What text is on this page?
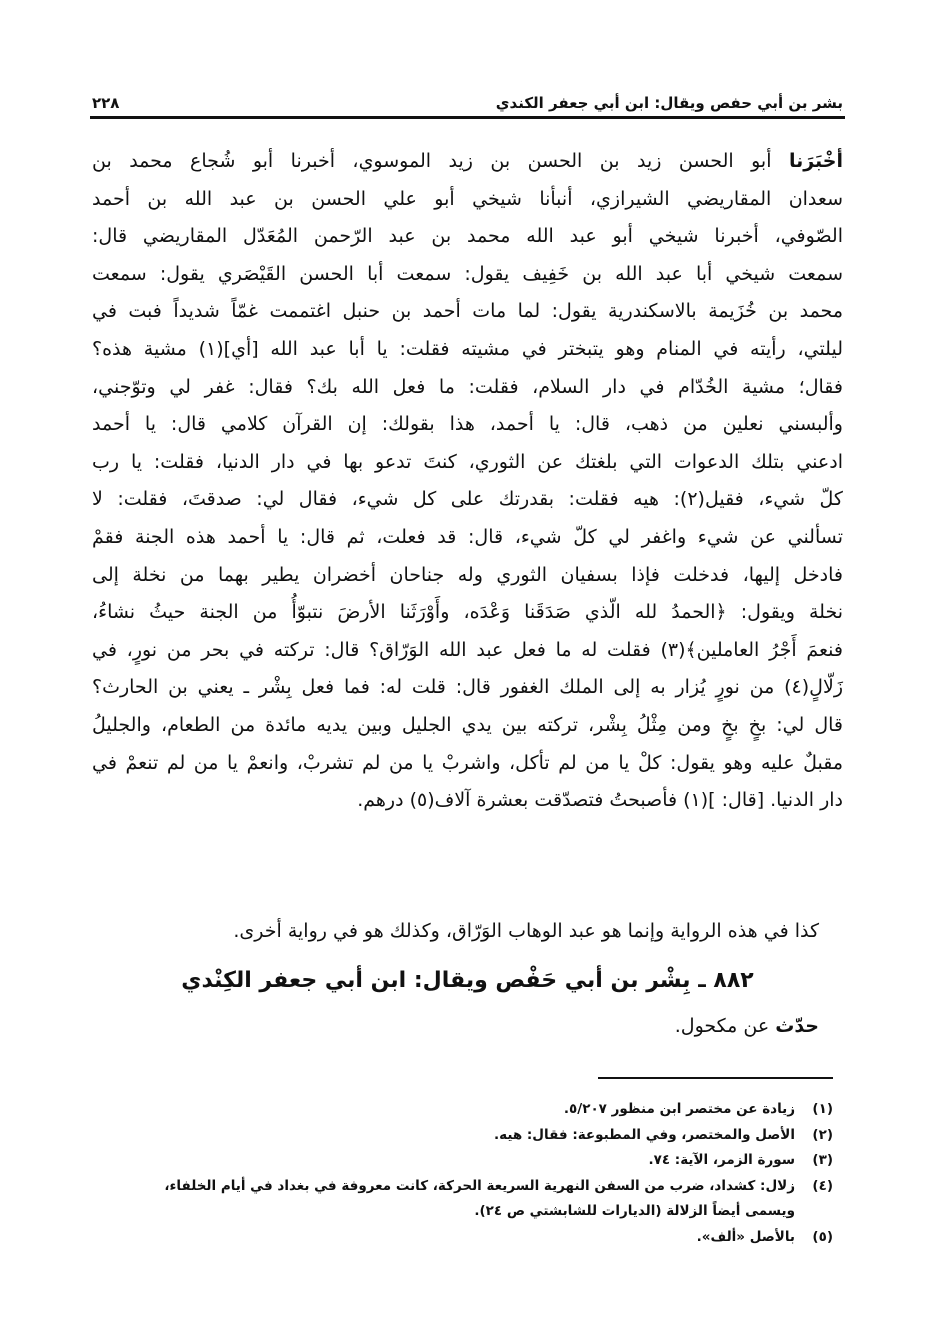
بشر بن أبي حفص ويقال: ابن أبي جعفر الكندي
٢٢٨
أخْبَرَنا أبو الحسن زيد بن الحسن بن زيد الموسوي، أخبرنا أبو شُجاع محمد بن
سعدان المقاريضي الشيرازي، أنبأنا شيخي أبو علي الحسن بن عبد الله بن أحمد
الصّوفي، أخبرنا شيخي أبو عبد الله محمد بن عبد الرّحمن المُعَدّل المقاريضي قال:
سمعت شيخي أبا عبد الله بن خَفِيف يقول: سمعت أبا الحسن القَيْصَري يقول: سمعت
محمد بن خُزَيمة بالاسكندرية يقول: لما مات أحمد بن حنبل اغتممت غمّاً شديداً فبت في
ليلتي، رأيته في المنام وهو يتبختر في مشيته فقلت: يا أبا عبد الله [أي](١) مشية هذه؟
فقال؛ مشية الخُدّام في دار السلام، فقلت: ما فعل الله بك؟ فقال: غفر لي وتوّجني،
وألبسني نعلين من ذهب، قال: يا أحمد، هذا بقولك: إن القرآن كلامي قال: يا أحمد
ادعني بتلك الدعوات التي بلغتك عن الثوري، كنتَ تدعو بها في دار الدنيا، فقلت: يا رب
كلّ شيء، فقيل(٢): هيه فقلت: بقدرتك على كل شيء، فقال لي: صدقتَ، فقلت: لا
تسألني عن شيء واغفر لي كلّ شيء، قال: قد فعلت، ثم قال: يا أحمد هذه الجنة فقمْ
فادخل إليها، فدخلت فإذا بسفيان الثوري وله جناحان أخضران يطير بهما من نخلة إلى
نخلة ويقول: ﴿الحمدُ لله الّذي صَدَقَنا وَعْدَه، وأَوْرَثَنا الأرضَ نتبوّأُ من الجنة حيثُ نشاءُ،
فنعمَ أَجْرُ العاملين﴾(٣) فقلت له ما فعل عبد الله الوَرّاق؟ قال: تركته في بحر من نورٍ، في
زَلّالٍ(٤) من نورٍ يُزار به إلى الملك الغفور قال: قلت له: فما فعل بِشْر ـ يعني بن الحارث؟
قال لي: بخٍ بخٍ ومن مِثْلُ بِشْر، تركته بين يدي الجليل وبين يديه مائدة من الطعام، والجليلُ
مقبلٌ عليه وهو يقول: كلْ يا من لم تأكل، واشربْ يا من لم تشربْ، وانعمْ يا من لم تنعمْ في
دار الدنيا. [قال: ](١) فأصبحتُ فتصدّقت بعشرة آلاف(٥) درهم.
كذا في هذه الرواية وإنما هو عبد الوهاب الوَرّاق، وكذلك هو في رواية أخرى.
٨٨٢ ـ بِشْر بن أبي حَفْص ويقال: ابن أبي جعفر الكِنْدي
حدّث عن مكحول.
(١)
زيادة عن مختصر ابن منظور ٥/٢٠٧.
(٢)
الأصل والمختصر، وفي المطبوعة: فقال: هيه.
(٣)
سورة الزمر، الآية: ٧٤.
(٤)
زلال: كشداد، ضرب من السفن النهرية السريعة الحركة، كانت معروفة في بغداد في أيام الخلفاء، ويسمى أيضاً الزلالة (الديارات للشابشتي ص ٢٤).
(٥)
بالأصل «ألف».
